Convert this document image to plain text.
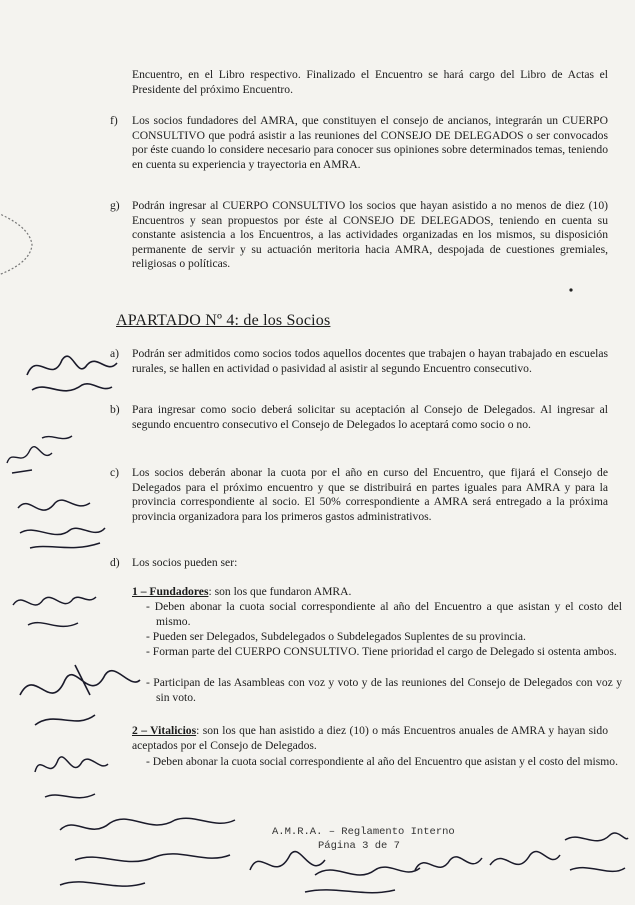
Encuentro, en el Libro respectivo. Finalizado el Encuentro se hará cargo del Libro de Actas el Presidente del próximo Encuentro.
f) Los socios fundadores del AMRA, que constituyen el consejo de ancianos, integrarán un CUERPO CONSULTIVO que podrá asistir a las reuniones del CONSEJO DE DELEGADOS o ser convocados por éste cuando lo considere necesario para conocer sus opiniones sobre determinados temas, teniendo en cuenta su experiencia y trayectoria en AMRA.
g) Podrán ingresar al CUERPO CONSULTIVO los socios que hayan asistido a no menos de diez (10) Encuentros y sean propuestos por éste al CONSEJO DE DELEGADOS, teniendo en cuenta su constante asistencia a los Encuentros, a las actividades organizadas en los mismos, su disposición permanente de servir y su actuación meritoria hacia AMRA, despojada de cuestiones gremiales, religiosas o políticas.
APARTADO Nº 4: de los Socios
a) Podrán ser admitidos como socios todos aquellos docentes que trabajen o hayan trabajado en escuelas rurales, se hallen en actividad o pasividad al asistir al segundo Encuentro consecutivo.
b) Para ingresar como socio deberá solicitar su aceptación al Consejo de Delegados. Al ingresar al segundo encuentro consecutivo el Consejo de Delegados lo aceptará como socio o no.
c) Los socios deberán abonar la cuota por el año en curso del Encuentro, que fijará el Consejo de Delegados para el próximo encuentro y que se distribuirá en partes iguales para AMRA y para la provincia correspondiente al socio. El 50% correspondiente a AMRA será entregado a la próxima provincia organizadora para los primeros gastos administrativos.
d) Los socios pueden ser:
1 – Fundadores: son los que fundaron AMRA.
- Deben abonar la cuota social correspondiente al año del Encuentro a que asistan y el costo del mismo.
- Pueden ser Delegados, Subdelegados o Subdelegados Suplentes de su provincia.
- Forman parte del CUERPO CONSULTIVO. Tiene prioridad el cargo de Delegado si ostenta ambos.
- Participan de las Asambleas con voz y voto y de las reuniones del Consejo de Delegados con voz y sin voto.
2 – Vitalicios: son los que han asistido a diez (10) o más Encuentros anuales de AMRA y hayan sido aceptados por el Consejo de Delegados.
- Deben abonar la cuota social correspondiente al año del Encuentro que asistan y el costo del mismo.
A.M.R.A. – Reglamento Interno
Página 3 de 7
